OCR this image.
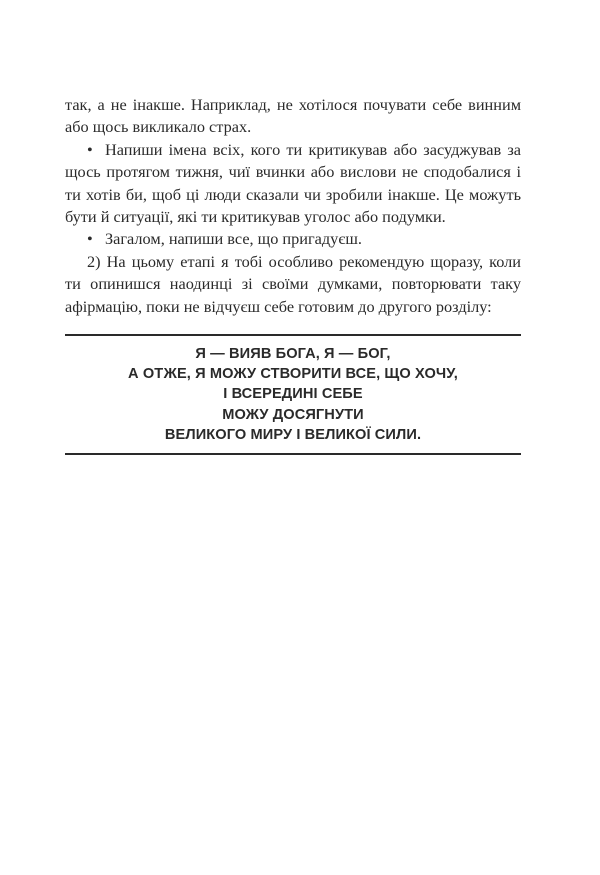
так, а не інакше. Наприклад, не хотілося почувати себе винним або щось викликало страх.

• Напиши імена всіх, кого ти критикував або засуджував за щось протягом тижня, чиї вчинки або вислови не сподобалися і ти хотів би, щоб ці люди сказали чи зробили інакше. Це можуть бути й ситуації, які ти критикував уголос або подумки.

• Загалом, напиши все, що пригадуєш.

2) На цьому етапі я тобі особливо рекомендую щоразу, коли ти опинишся наодинці зі своїми думками, повторювати таку афірмацію, поки не відчуєш себе готовим до другого розділу:

Я — ВИЯВ БОГА, Я — БОГ,
А ОТЖЕ, Я МОЖУ СТВОРИТИ ВСЕ, ЩО ХОЧУ,
І ВСЕРЕДИНІ СЕБЕ
МОЖУ ДОСЯГНУТИ
ВЕЛИКОГО МИРУ І ВЕЛИКОЇ СИЛИ.
